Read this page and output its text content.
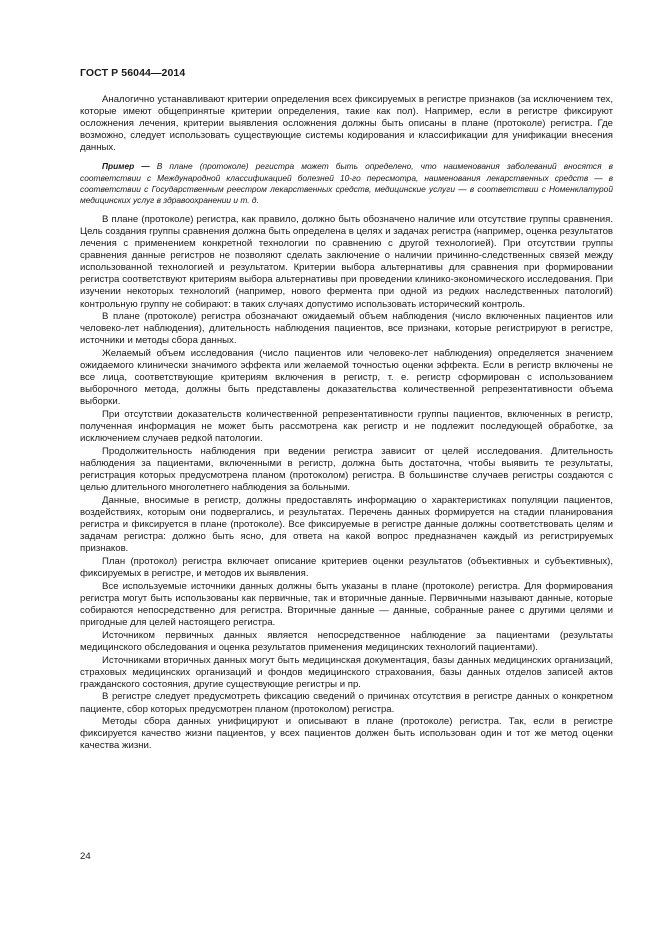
ГОСТ Р 56044—2014

Аналогично устанавливают критерии определения всех фиксируемых в регистре признаков (за исключением тех, которые имеют общепринятые критерии определения, такие как пол). Например, если в регистре фиксируют осложнения лечения, критерии выявления осложнения должны быть описаны в плане (протоколе) регистра. Где возможно, следует использовать существующие системы кодирования и классификации для унификации внесения данных.

Пример — В плане (протоколе) регистра может быть определено, что наименования заболеваний вносятся в соответствии с Международной классификацией болезней 10-го пересмотра, наименования лекарственных средств — в соответствии с Государственным реестром лекарственных средств, медицинские услуги — в соответствии с Номенклатурой медицинских услуг в здравоохранении и т. д.

В плане (протоколе) регистра, как правило, должно быть обозначено наличие или отсутствие группы сравнения. Цель создания группы сравнения должна быть определена в целях и задачах регистра (например, оценка результатов лечения с применением конкретной технологии по сравнению с другой технологией). При отсутствии группы сравнения данные регистров не позволяют сделать заключение о наличии причинно-следственных связей между использованной технологией и результатом. Критерии выбора альтернативы для сравнения при формировании регистра соответствуют критериям выбора альтернативы при проведении клинико-экономического исследования. При изучении некоторых технологий (например, нового фермента при одной из редких наследственных патологий) контрольную группу не собирают: в таких случаях допустимо использовать исторический контроль.

В плане (протоколе) регистра обозначают ожидаемый объем наблюдения (число включенных пациентов или человеко-лет наблюдения), длительность наблюдения пациентов, все признаки, которые регистрируют в регистре, источники и методы сбора данных.

Желаемый объем исследования (число пациентов или человеко-лет наблюдения) определяется значением ожидаемого клинически значимого эффекта или желаемой точностью оценки эффекта. Если в регистр включены не все лица, соответствующие критериям включения в регистр, т. е. регистр сформирован с использованием выборочного метода, должны быть представлены доказательства количественной репрезентативности объема выборки.

При отсутствии доказательств количественной репрезентативности группы пациентов, включенных в регистр, полученная информация не может быть рассмотрена как регистр и не подлежит последующей обработке, за исключением случаев редкой патологии.

Продолжительность наблюдения при ведении регистра зависит от целей исследования. Длительность наблюдения за пациентами, включенными в регистр, должна быть достаточна, чтобы выявить те результаты, регистрация которых предусмотрена планом (протоколом) регистра. В большинстве случаев регистры создаются с целью длительного многолетнего наблюдения за больными.

Данные, вносимые в регистр, должны предоставлять информацию о характеристиках популяции пациентов, воздействиях, которым они подвергались, и результатах. Перечень данных формируется на стадии планирования регистра и фиксируется в плане (протоколе). Все фиксируемые в регистре данные должны соответствовать целям и задачам регистра: должно быть ясно, для ответа на какой вопрос предназначен каждый из регистрируемых признаков.

План (протокол) регистра включает описание критериев оценки результатов (объективных и субъективных), фиксируемых в регистре, и методов их выявления.

Все используемые источники данных должны быть указаны в плане (протоколе) регистра. Для формирования регистра могут быть использованы как первичные, так и вторичные данные. Первичными называют данные, которые собираются непосредственно для регистра. Вторичные данные — данные, собранные ранее с другими целями и пригодные для целей настоящего регистра.

Источником первичных данных является непосредственное наблюдение за пациентами (результаты медицинского обследования и оценка результатов применения медицинских технологий пациентами).

Источниками вторичных данных могут быть медицинская документация, базы данных медицинских организаций, страховых медицинских организаций и фондов медицинского страхования, базы данных отделов записей актов гражданского состояния, другие существующие регистры и пр.

В регистре следует предусмотреть фиксацию сведений о причинах отсутствия в регистре данных о конкретном пациенте, сбор которых предусмотрен планом (протоколом) регистра.

Методы сбора данных унифицируют и описывают в плане (протоколе) регистра. Так, если в регистре фиксируется качество жизни пациентов, у всех пациентов должен быть использован один и тот же метод оценки качества жизни.

24
